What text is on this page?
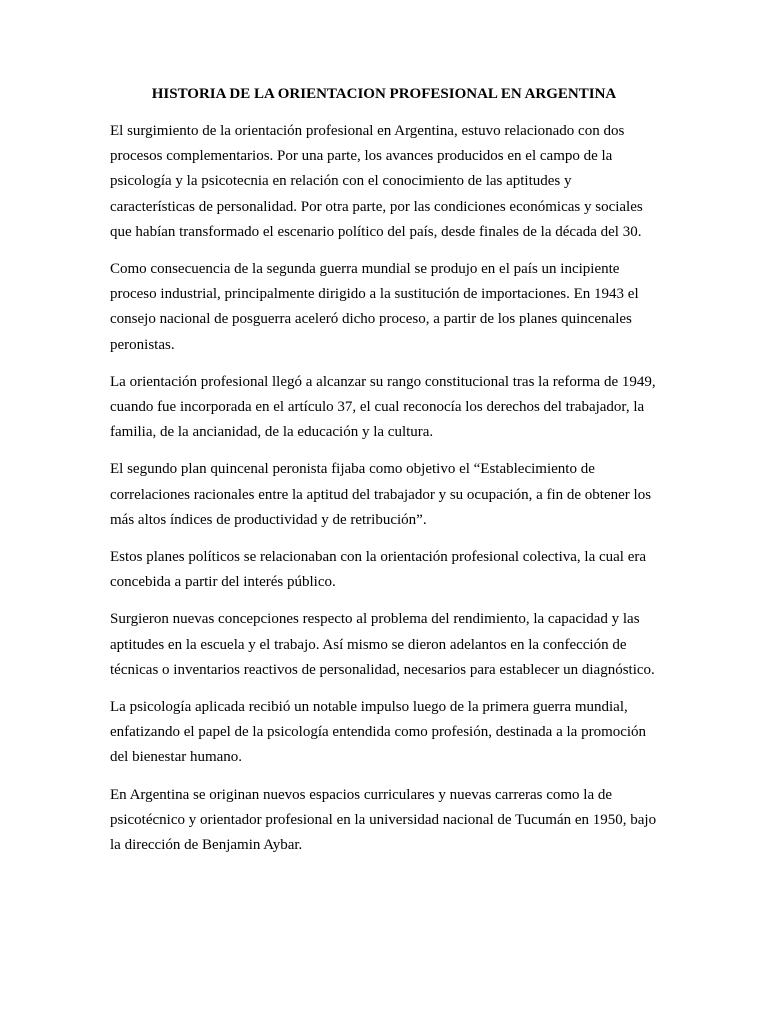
HISTORIA DE LA ORIENTACION PROFESIONAL EN ARGENTINA

El surgimiento de la orientación profesional en Argentina, estuvo relacionado con dos procesos complementarios. Por una parte, los avances producidos en el campo de la psicología y la psicotecnia en relación con el conocimiento de las aptitudes y características de personalidad. Por otra parte, por las condiciones económicas y sociales que habían transformado el escenario político del país, desde finales de la década del 30.

Como consecuencia de la segunda guerra mundial se produjo en el país un incipiente proceso industrial, principalmente dirigido a la sustitución de importaciones. En 1943 el consejo nacional de posguerra aceleró dicho proceso, a partir de los planes quincenales peronistas.

La orientación profesional llegó a alcanzar su rango constitucional tras la reforma de 1949, cuando fue incorporada en el artículo 37, el cual reconocía los derechos del trabajador, la familia, de la ancianidad, de la educación y la cultura.

El segundo plan quincenal peronista fijaba como objetivo el “Establecimiento de correlaciones racionales entre la aptitud del trabajador y su ocupación, a fin de obtener los más altos índices de productividad y de retribución”.

Estos planes políticos se relacionaban con la orientación profesional colectiva, la cual era concebida a partir del interés público.

Surgieron nuevas concepciones respecto al problema del rendimiento, la capacidad y las aptitudes en la escuela y el trabajo. Así mismo se dieron adelantos en la confección de técnicas o inventarios reactivos de personalidad, necesarios para establecer un diagnóstico.

La psicología aplicada recibió un notable impulso luego de la primera guerra mundial, enfatizando el papel de la psicología entendida como profesión, destinada a la promoción del bienestar humano.

En Argentina se originan nuevos espacios curriculares y nuevas carreras como la de psicotécnico y orientador profesional en la universidad nacional de Tucumán en 1950, bajo la dirección de Benjamin Aybar.
